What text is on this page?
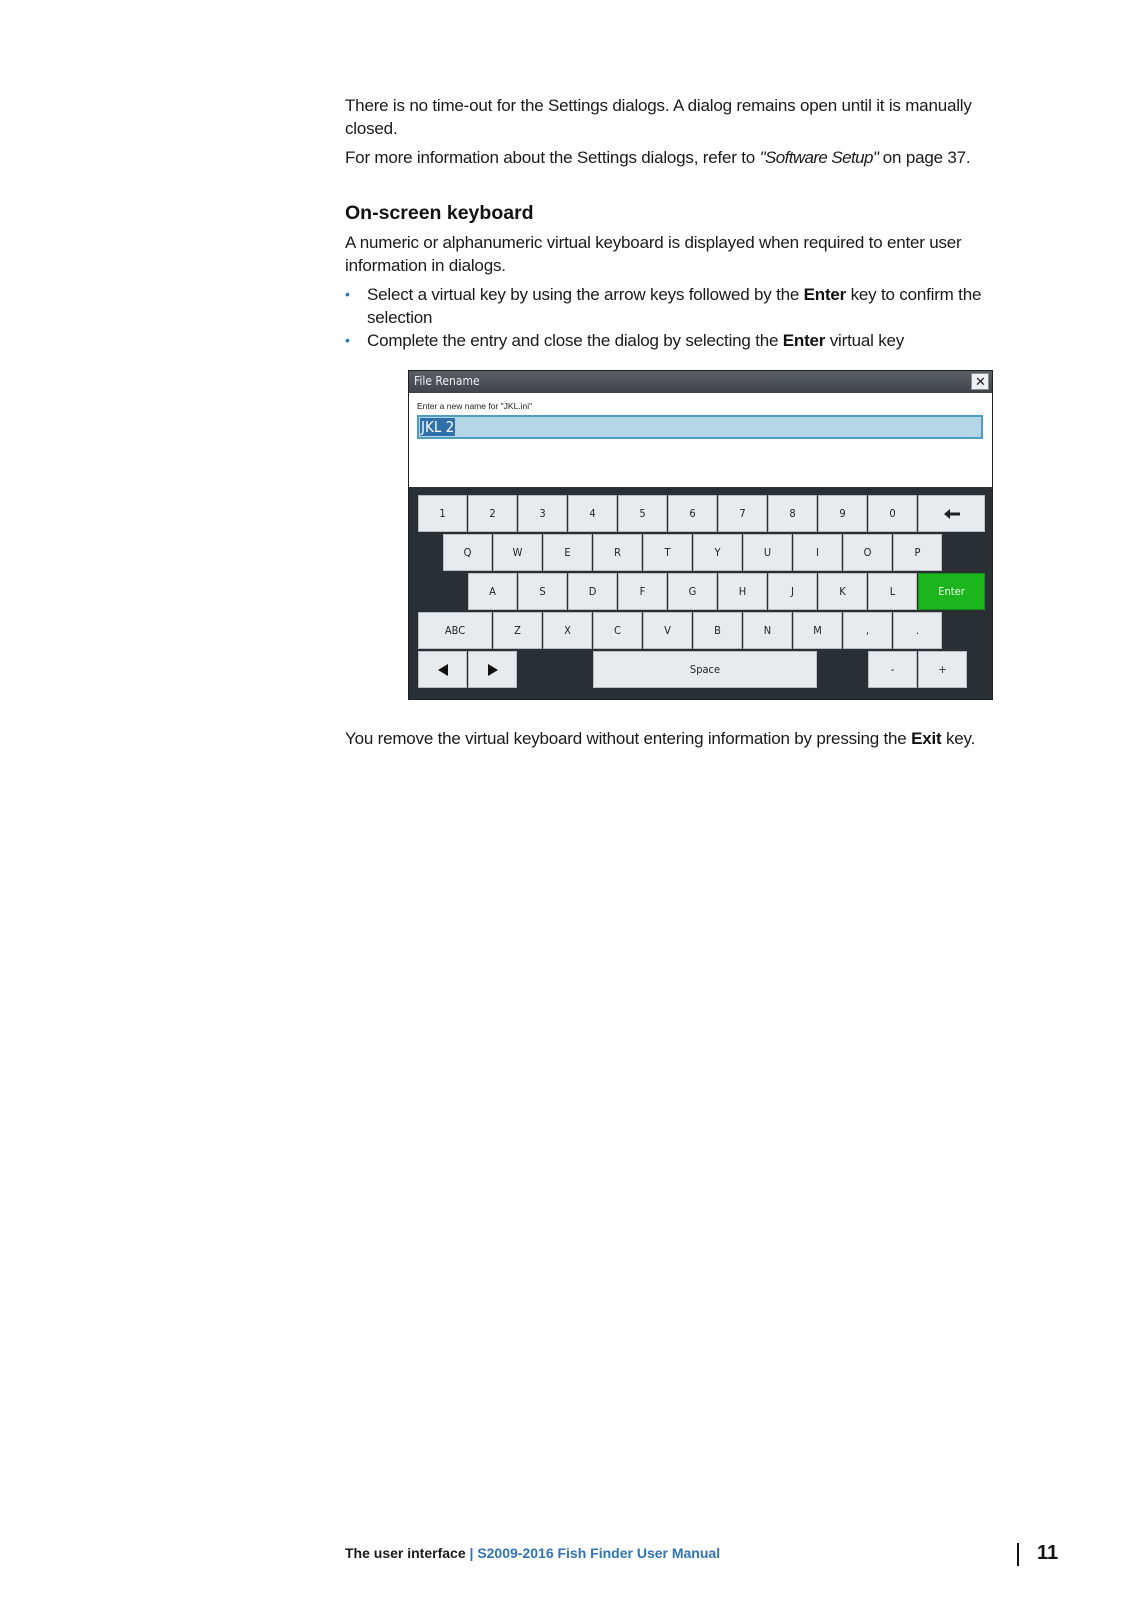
There is no time-out for the Settings dialogs. A dialog remains open until it is manually closed.

For more information about the Settings dialogs, refer to "Software Setup" on page 37.

On-screen keyboard

A numeric or alphanumeric virtual keyboard is displayed when required to enter user information in dialogs.

• Select a virtual key by using the arrow keys followed by the Enter key to confirm the selection
• Complete the entry and close the dialog by selecting the Enter virtual key
File Rename	✕
Enter a new name for "JKL.ini"
JKL 2
1	2	3	4	5	6	7	8	9	0
Q	W	E	R	T	Y	U	I	O	P
A	S	D	F	G	H	J	K	L	Enter
ABC	Z	X	C	V	B	N	M	,	.
Space	-	+

You remove the virtual keyboard without entering information by pressing the Exit key.

The user interface | S2009-2016 Fish Finder User Manual	11
